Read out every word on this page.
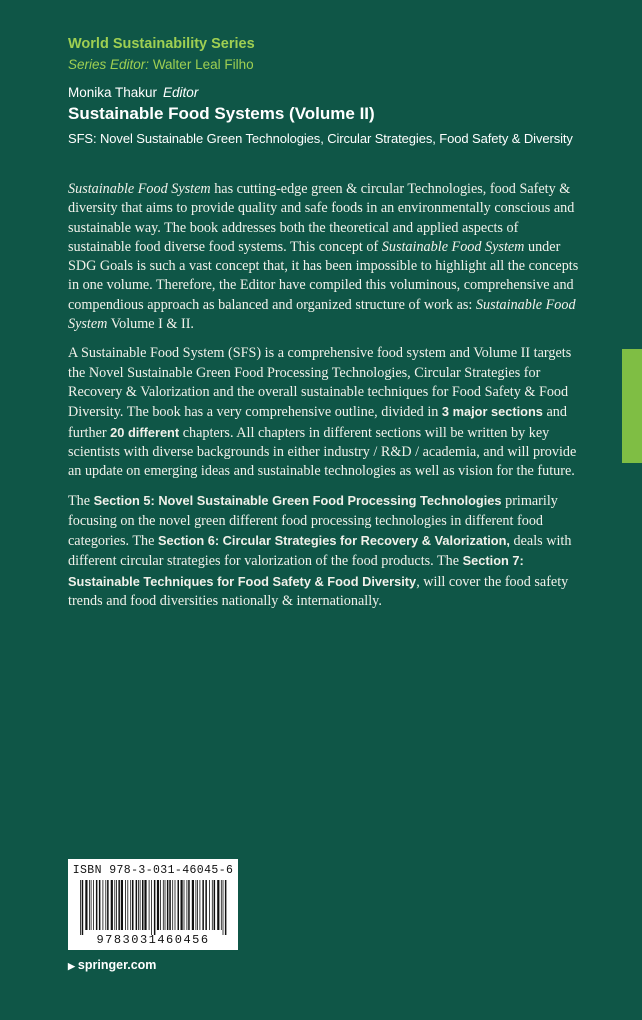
World Sustainability Series
Series Editor: Walter Leal Filho
Monika Thakur Editor
Sustainable Food Systems (Volume II)
SFS: Novel Sustainable Green Technologies, Circular Strategies, Food Safety & Diversity

Sustainable Food System has cutting-edge green & circular Technologies, food Safety & diversity that aims to provide quality and safe foods in an environmentally conscious and sustainable way. The book addresses both the theoretical and applied aspects of sustainable food diverse food systems. This concept of Sustainable Food System under SDG Goals is such a vast concept that, it has been impossible to highlight all the concepts in one volume. Therefore, the Editor have compiled this voluminous, comprehensive and compendious approach as balanced and organized structure of work as: Sustainable Food System Volume I & II.

A Sustainable Food System (SFS) is a comprehensive food system and Volume II targets the Novel Sustainable Green Food Processing Technologies, Circular Strategies for Recovery & Valorization and the overall sustainable techniques for Food Safety & Food Diversity. The book has a very comprehensive outline, divided in 3 major sections and further 20 different chapters. All chapters in different sections will be written by key scientists with diverse backgrounds in either industry / R&D / academia, and will provide an update on emerging ideas and sustainable technologies as well as vision for the future.

The Section 5: Novel Sustainable Green Food Processing Technologies primarily focusing on the novel green different food processing technologies in different food categories. The Section 6: Circular Strategies for Recovery & Valorization, deals with different circular strategies for valorization of the food products. The Section 7: Sustainable Techniques for Food Safety & Food Diversity, will cover the food safety trends and food diversities nationally & internationally.

ISBN 978-3-031-46045-6
9783031460456
▶ springer.com
